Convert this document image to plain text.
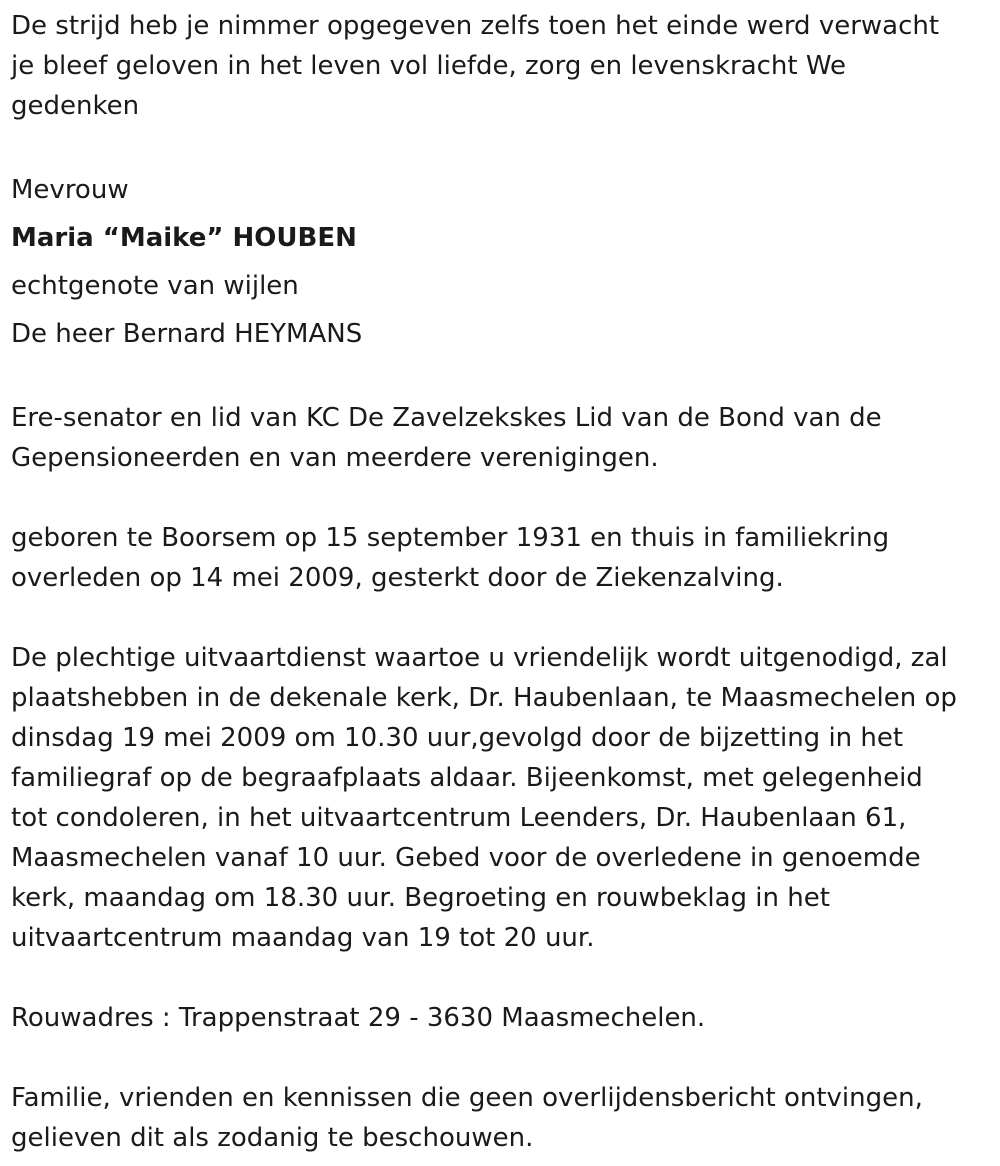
De strijd heb je nimmer opgegeven zelfs toen het einde werd verwacht
je bleef geloven in het leven vol liefde, zorg en levenskracht We
gedenken

Mevrouw
Maria “Maike” HOUBEN
echtgenote van wijlen
De heer Bernard HEYMANS

Ere-senator en lid van KC De Zavelzekskes Lid van de Bond van de
Gepensioneerden en van meerdere verenigingen.

geboren te Boorsem op 15 september 1931 en thuis in familiekring
overleden op 14 mei 2009, gesterkt door de Ziekenzalving.

De plechtige uitvaartdienst waartoe u vriendelijk wordt uitgenodigd, zal
plaatshebben in de dekenale kerk, Dr. Haubenlaan, te Maasmechelen op
dinsdag 19 mei 2009 om 10.30 uur,gevolgd door de bijzetting in het
familiegraf op de begraafplaats aldaar. Bijeenkomst, met gelegenheid
tot condoleren, in het uitvaartcentrum Leenders, Dr. Haubenlaan 61,
Maasmechelen vanaf 10 uur. Gebed voor de overledene in genoemde
kerk, maandag om 18.30 uur. Begroeting en rouwbeklag in het
uitvaartcentrum maandag van 19 tot 20 uur.

Rouwadres : Trappenstraat 29 - 3630 Maasmechelen.

Familie, vrienden en kennissen die geen overlijdensbericht ontvingen,
gelieven dit als zodanig te beschouwen.
